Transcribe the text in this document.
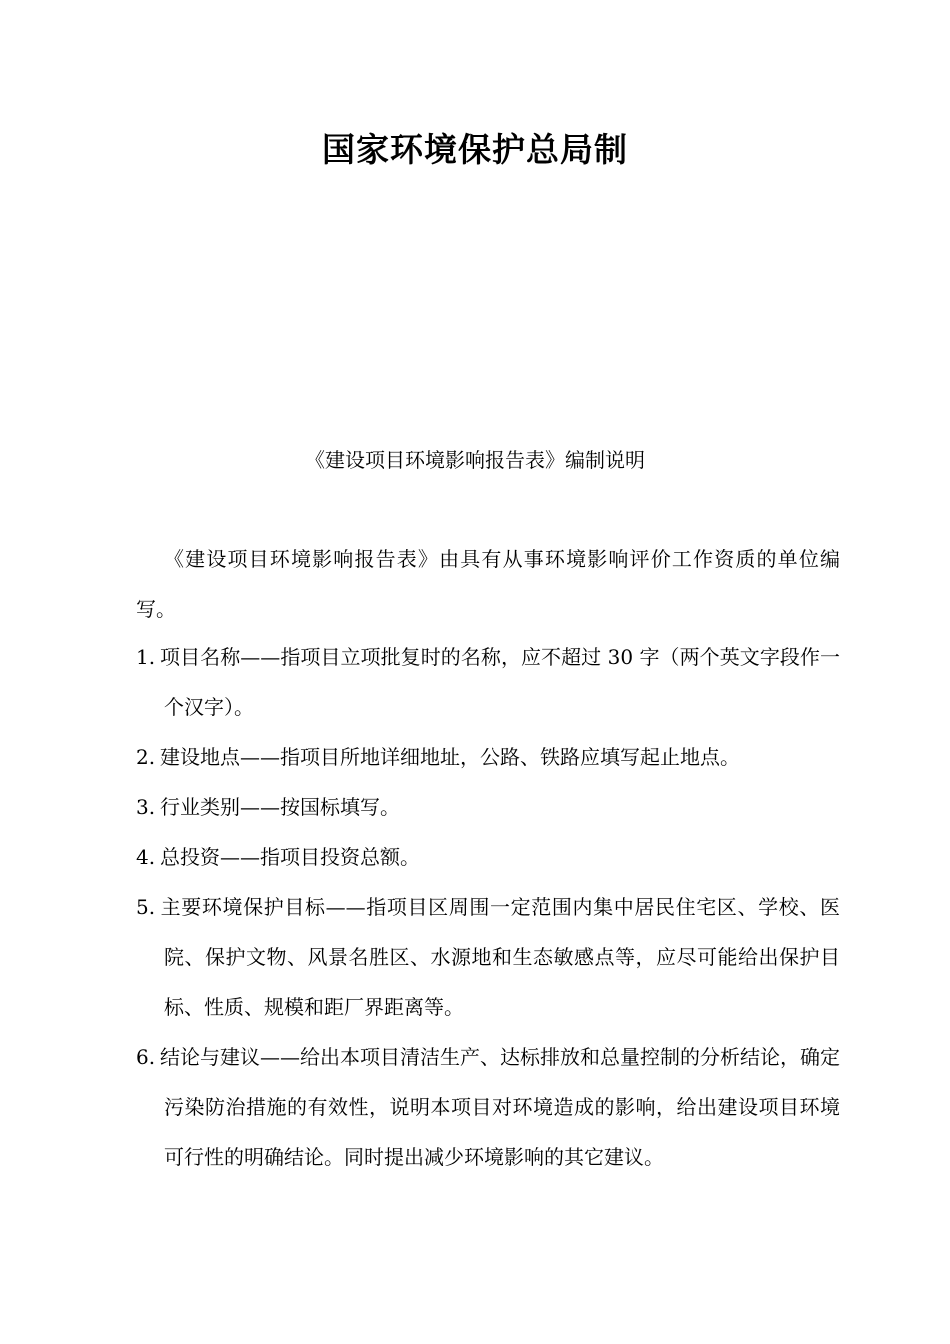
国家环境保护总局制
《建设项目环境影响报告表》编制说明

《建设项目环境影响报告表》由具有从事环境影响评价工作资质的单位编写。

1. 项目名称——指项目立项批复时的名称，应不超过 30 字（两个英文字段作一个汉字）。
2. 建设地点——指项目所地详细地址，公路、铁路应填写起止地点。
3. 行业类别——按国标填写。
4. 总投资——指项目投资总额。
5. 主要环境保护目标——指项目区周围一定范围内集中居民住宅区、学校、医院、保护文物、风景名胜区、水源地和生态敏感点等，应尽可能给出保护目标、性质、规模和距厂界距离等。
6. 结论与建议——给出本项目清洁生产、达标排放和总量控制的分析结论，确定污染防治措施的有效性，说明本项目对环境造成的影响，给出建设项目环境可行性的明确结论。同时提出减少环境影响的其它建议。
